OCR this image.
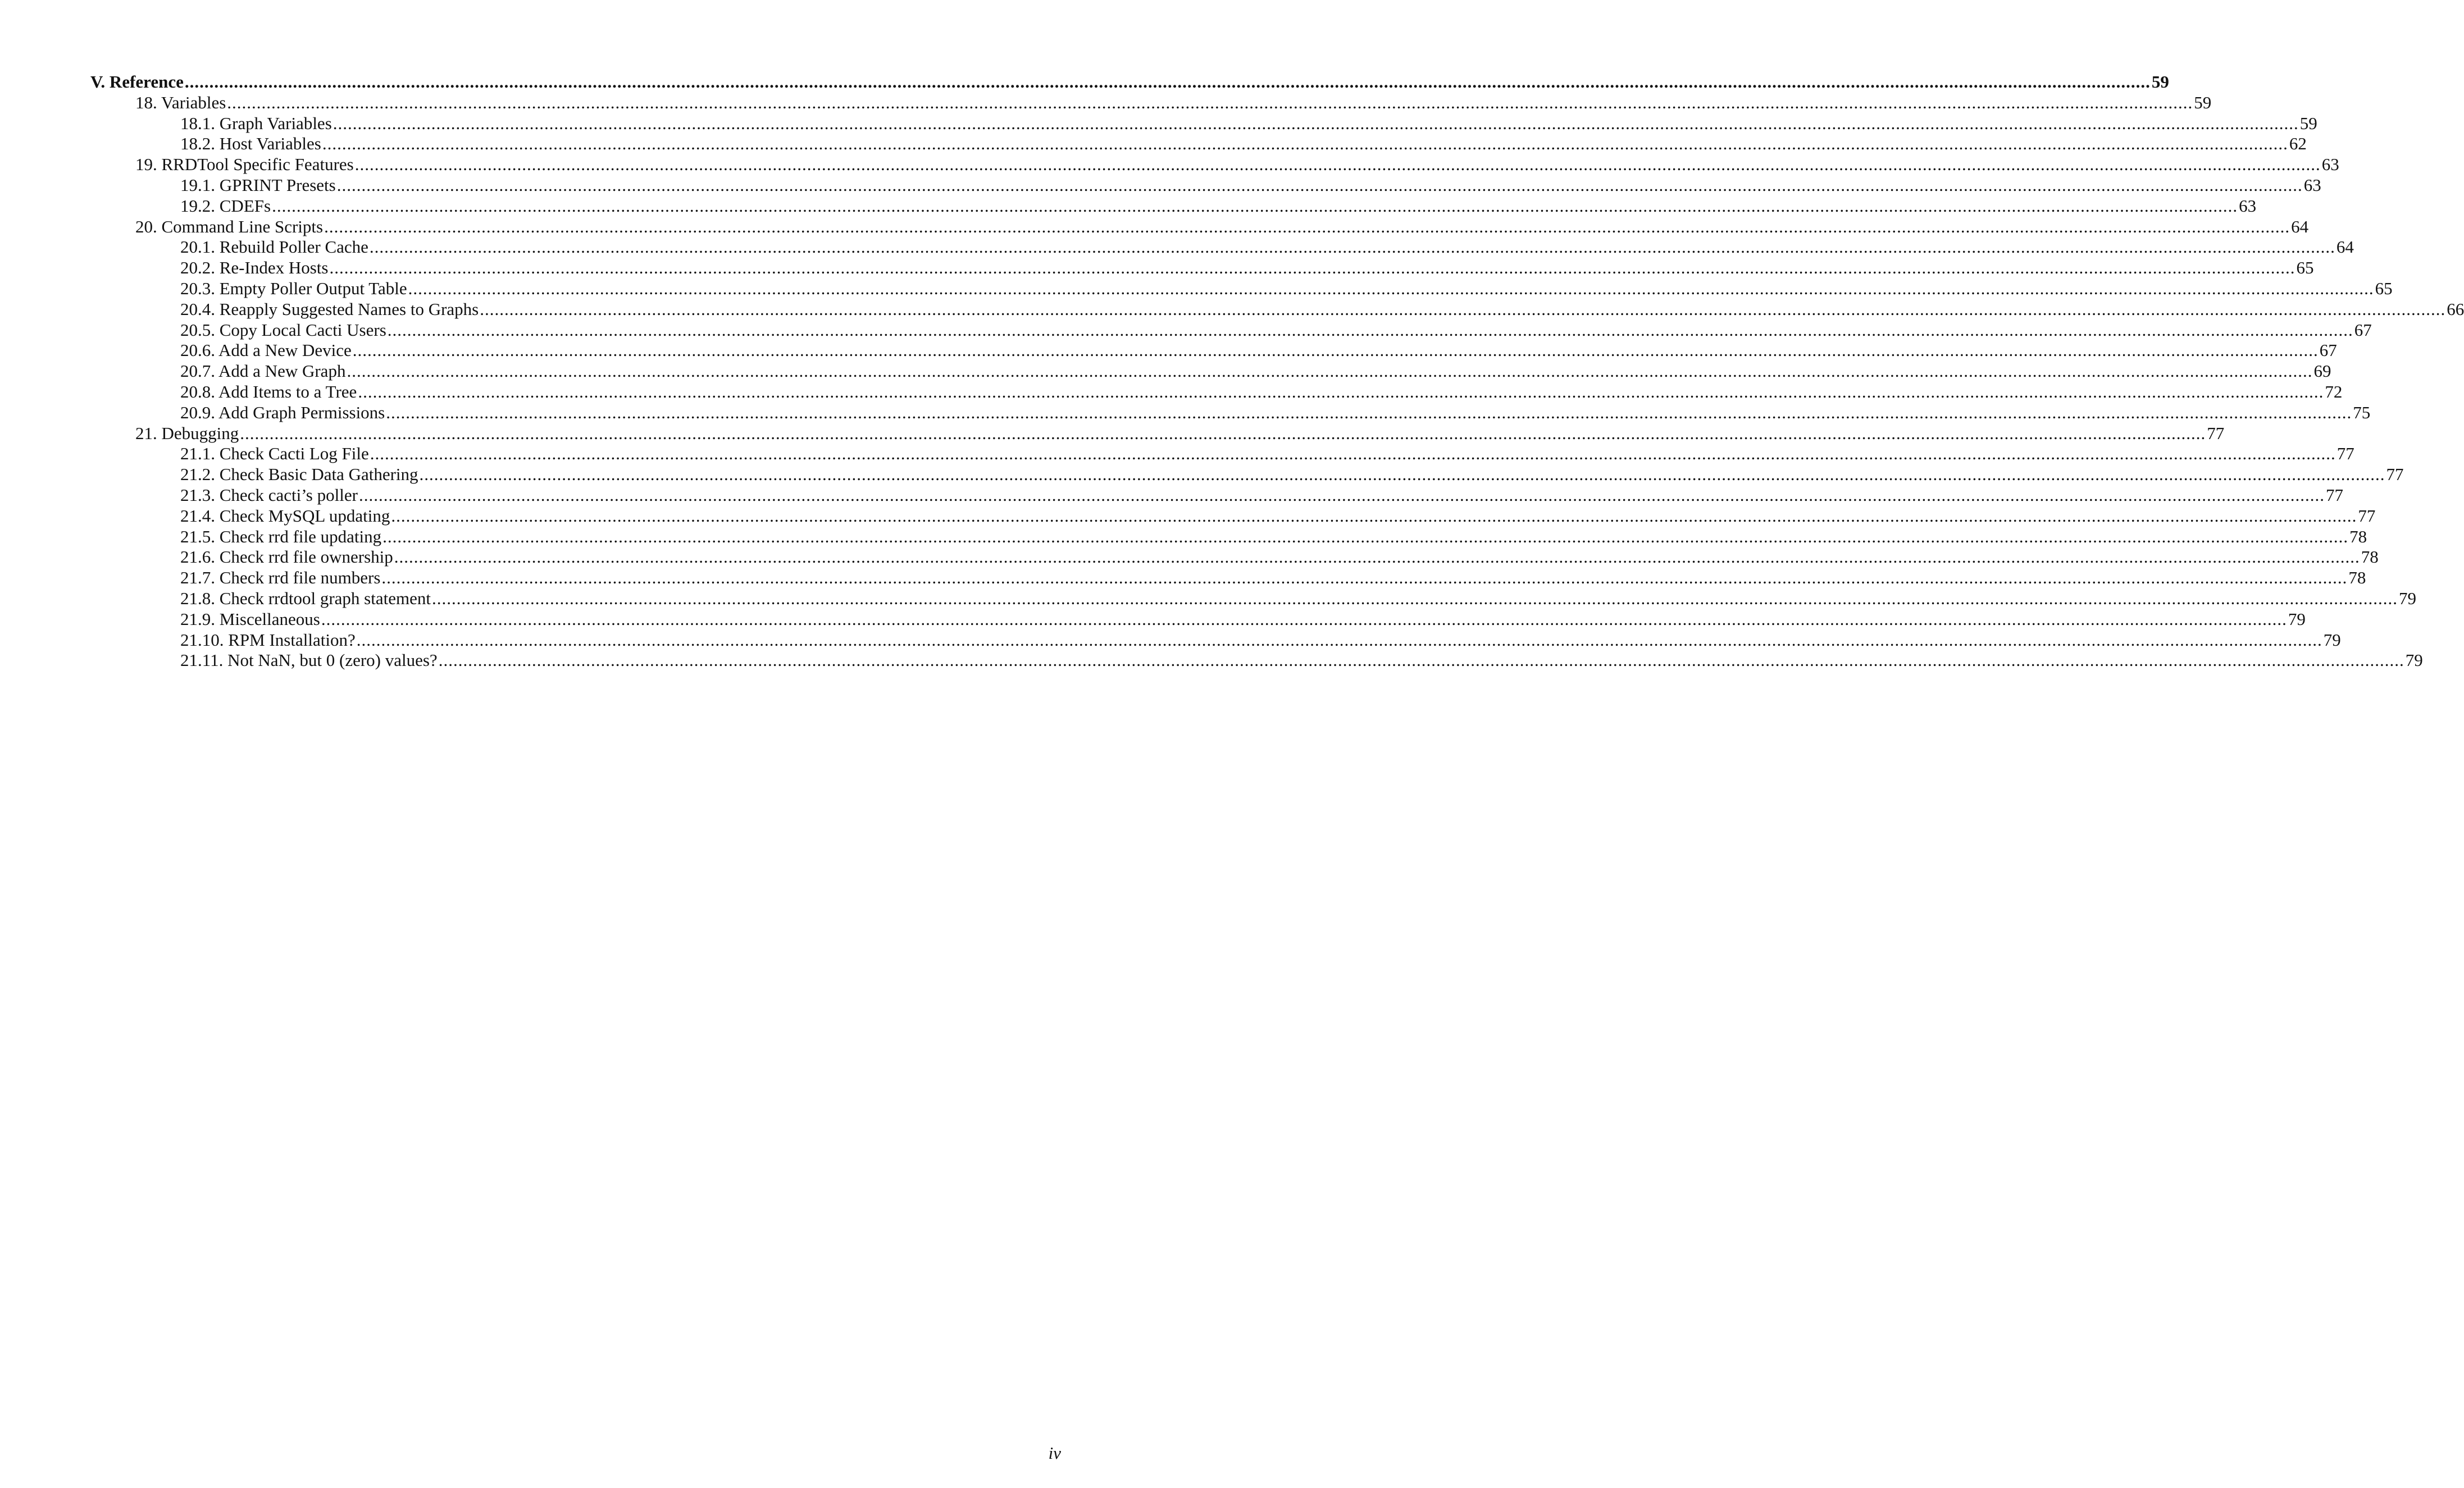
V. Reference ................................................................................................................................................................................................................................................................................................................................................................................................................ 59
18. Variables ................................................................................................................................................................................................................................................................................................................................................................................................................ 59
18.1. Graph Variables ................................................................................................................................................................................................................................................................................................................................................................................................................ 59
18.2. Host Variables ................................................................................................................................................................................................................................................................................................................................................................................................................ 62
19. RRDTool Specific Features ................................................................................................................................................................................................................................................................................................................................................................................................................ 63
19.1. GPRINT Presets ................................................................................................................................................................................................................................................................................................................................................................................................................ 63
19.2. CDEFs ................................................................................................................................................................................................................................................................................................................................................................................................................ 63
20. Command Line Scripts ................................................................................................................................................................................................................................................................................................................................................................................................................ 64
20.1. Rebuild Poller Cache ................................................................................................................................................................................................................................................................................................................................................................................................................ 64
20.2. Re-Index Hosts ................................................................................................................................................................................................................................................................................................................................................................................................................ 65
20.3. Empty Poller Output Table ................................................................................................................................................................................................................................................................................................................................................................................................................ 65
20.4. Reapply Suggested Names to Graphs ................................................................................................................................................................................................................................................................................................................................................................................................................ 66
20.5. Copy Local Cacti Users ................................................................................................................................................................................................................................................................................................................................................................................................................ 67
20.6. Add a New Device ................................................................................................................................................................................................................................................................................................................................................................................................................ 67
20.7. Add a New Graph ................................................................................................................................................................................................................................................................................................................................................................................................................ 69
20.8. Add Items to a Tree ................................................................................................................................................................................................................................................................................................................................................................................................................ 72
20.9. Add Graph Permissions ................................................................................................................................................................................................................................................................................................................................................................................................................ 75
21. Debugging ................................................................................................................................................................................................................................................................................................................................................................................................................ 77
21.1. Check Cacti Log File ................................................................................................................................................................................................................................................................................................................................................................................................................ 77
21.2. Check Basic Data Gathering ................................................................................................................................................................................................................................................................................................................................................................................................................ 77
21.3. Check cacti’s poller ................................................................................................................................................................................................................................................................................................................................................................................................................ 77
21.4. Check MySQL updating ................................................................................................................................................................................................................................................................................................................................................................................................................ 77
21.5. Check rrd file updating ................................................................................................................................................................................................................................................................................................................................................................................................................ 78
21.6. Check rrd file ownership ................................................................................................................................................................................................................................................................................................................................................................................................................ 78
21.7. Check rrd file numbers ................................................................................................................................................................................................................................................................................................................................................................................................................ 78
21.8. Check rrdtool graph statement ................................................................................................................................................................................................................................................................................................................................................................................................................ 79
21.9. Miscellaneous ................................................................................................................................................................................................................................................................................................................................................................................................................ 79
21.10. RPM Installation? ................................................................................................................................................................................................................................................................................................................................................................................................................ 79
21.11. Not NaN, but 0 (zero) values? ................................................................................................................................................................................................................................................................................................................................................................................................................ 79
iv
